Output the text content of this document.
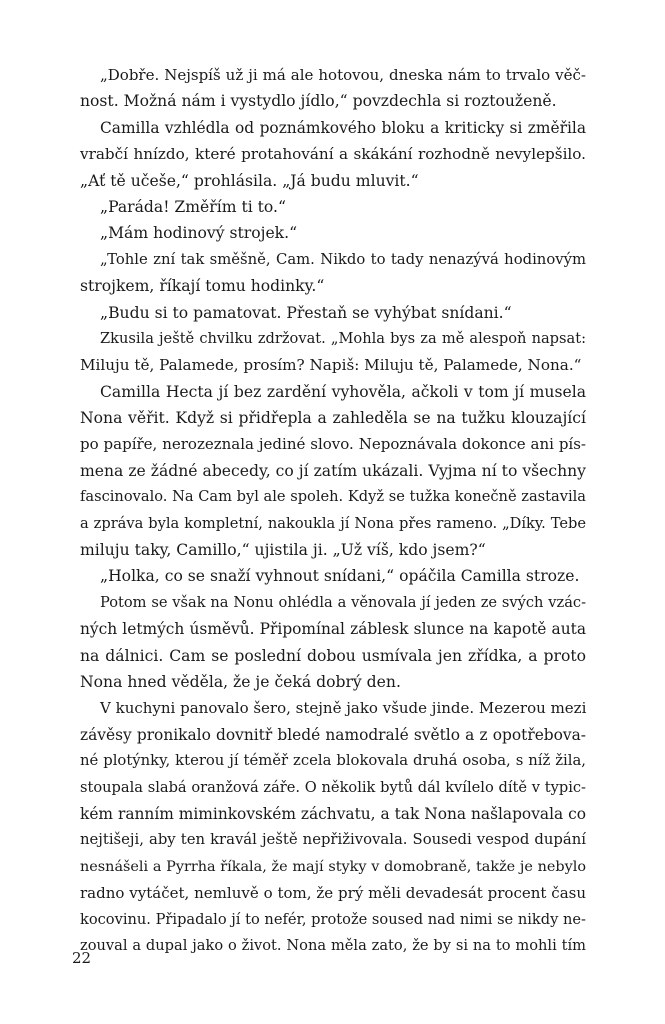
„Dobře. Nejspíš už ji má ale hotovou, dneska nám to trvalo věč-
nost. Možná nám i vystydlo jídlo,“ povzdechla si roztouženě.
Camilla vzhlédla od poznámkového bloku a kriticky si změřila
vrabčí hnízdo, které protahování a skákání rozhodně nevylepšilo.
„Ať tě učeše,“ prohlásila. „Já budu mluvit.“
„Paráda! Změřím ti to.“
„Mám hodinový strojek.“
„Tohle zní tak směšně, Cam. Nikdo to tady nenazývá hodinovým
strojkem, říkají tomu hodinky.“
„Budu si to pamatovat. Přestaň se vyhýbat snídani.“
Zkusila ještě chvilku zdržovat. „Mohla bys za mě alespoň napsat:
Miluju tě, Palamede, prosím? Napiš: Miluju tě, Palamede, Nona.“
Camilla Hecta jí bez zardění vyhověla, ačkoli v tom jí musela
Nona věřit. Když si přidřepla a zahleděla se na tužku klouzající
po papíře, nerozeznala jediné slovo. Nepoznávala dokonce ani pís-
mena ze žádné abecedy, co jí zatím ukázali. Vyjma ní to všechny
fascinovalo. Na Cam byl ale spoleh. Když se tužka konečně zastavila
a zpráva byla kompletní, nakoukla jí Nona přes rameno. „Díky. Tebe
miluju taky, Camillo,“ ujistila ji. „Už víš, kdo jsem?“
„Holka, co se snaží vyhnout snídani,“ opáčila Camilla stroze.
Potom se však na Nonu ohlédla a věnovala jí jeden ze svých vzác-
ných letmých úsměvů. Připomínal záblesk slunce na kapotě auta
na dálnici. Cam se poslední dobou usmívala jen zřídka, a proto
Nona hned věděla, že je čeká dobrý den.
V kuchyni panovalo šero, stejně jako všude jinde. Mezerou mezi
závěsy pronikalo dovnitř bledé namodralé světlo a z opotřebova-
né plotýnky, kterou jí téměř zcela blokovala druhá osoba, s níž žila,
stoupala slabá oranžová záře. O několik bytů dál kvílelo dítě v typic-
kém ranním miminkovském záchvatu, a tak Nona našlapovala co
nejtišeji, aby ten kravál ještě nepřiživovala. Sousedi vespod dupání
nesnášeli a Pyrrha říkala, že mají styky v domobraně, takže je nebylo
radno vytáčet, nemluvě o tom, že prý měli devadesát procent času
kocovinu. Připadalo jí to nefér, protože soused nad nimi se nikdy ne-
zouval a dupal jako o život. Nona měla zato, že by si na to mohli tím
22
